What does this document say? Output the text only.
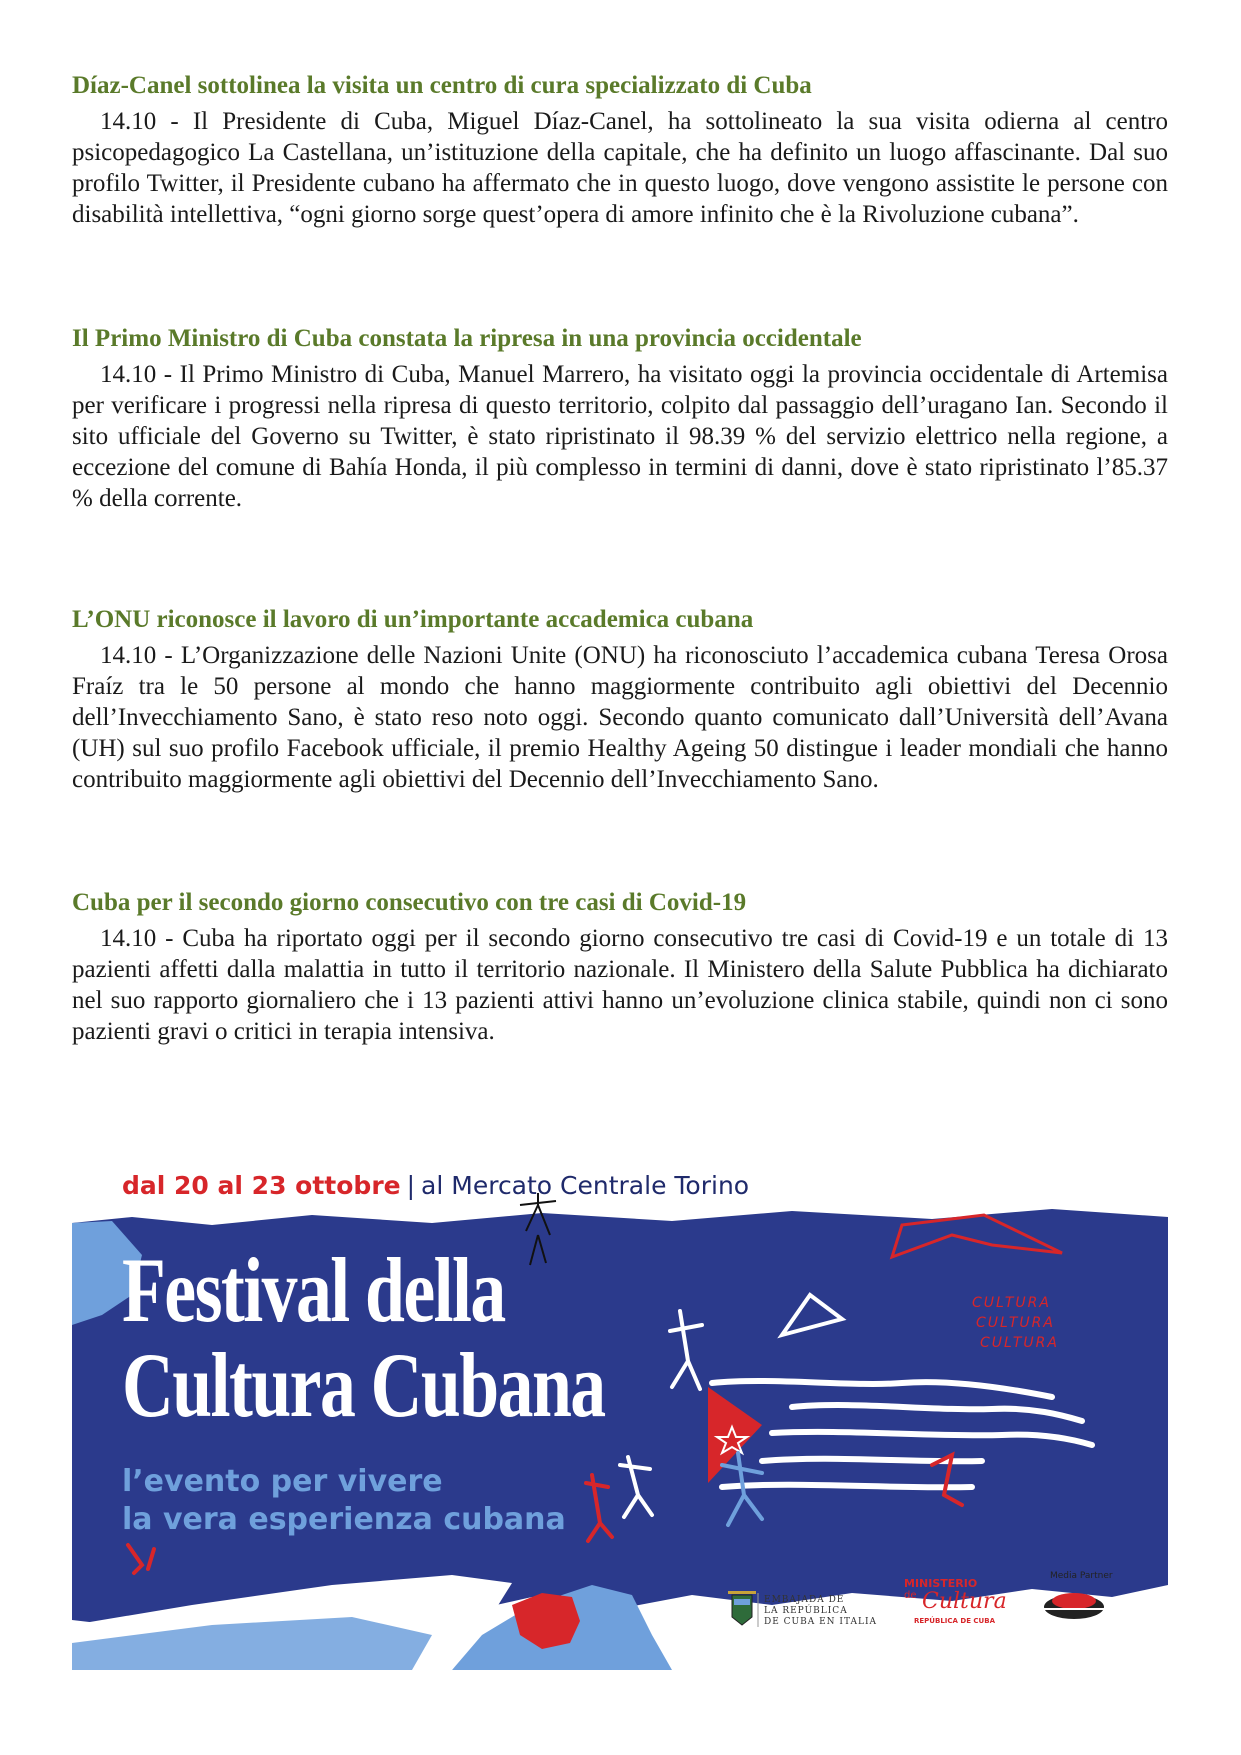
Díaz-Canel sottolinea la visita un centro di cura specializzato di Cuba

14.10 - Il Presidente di Cuba, Miguel Díaz-Canel, ha sottolineato la sua visita odierna al centro psicopedagogico La Castellana, un’istituzione della capitale, che ha definito un luogo affascinante. Dal suo profilo Twitter, il Presidente cubano ha affermato che in questo luogo, dove vengono assistite le persone con disabilità intellettiva, “ogni giorno sorge quest’opera di amore infinito che è la Rivoluzione cubana”.

Il Primo Ministro di Cuba constata la ripresa in una provincia occidentale

14.10 - Il Primo Ministro di Cuba, Manuel Marrero, ha visitato oggi la provincia occidentale di Artemisa per verificare i progressi nella ripresa di questo territorio, colpito dal passaggio dell’uragano Ian. Secondo il sito ufficiale del Governo su Twitter, è stato ripristinato il 98.39 % del servizio elettrico nella regione, a eccezione del comune di Bahía Honda, il più complesso in termini di danni, dove è stato ripristinato l’85.37 % della corrente.

L’ONU riconosce il lavoro di un’importante accademica cubana

14.10 - L’Organizzazione delle Nazioni Unite (ONU) ha riconosciuto l’accademica cubana Teresa Orosa Fraíz tra le 50 persone al mondo che hanno maggiormente contribuito agli obiettivi del Decennio dell’Invecchiamento Sano, è stato reso noto oggi. Secondo quanto comunicato dall’Università dell’Avana (UH) sul suo profilo Facebook ufficiale, il premio Healthy Ageing 50 distingue i leader mondiali che hanno contribuito maggiormente agli obiettivi del Decennio dell’Invecchiamento Sano.

Cuba per il secondo giorno consecutivo con tre casi di Covid-19

14.10 - Cuba ha riportato oggi per il secondo giorno consecutivo tre casi di Covid-19 e un totale di 13 pazienti affetti dalla malattia in tutto il territorio nazionale. Il Ministero della Salute Pubblica ha dichiarato nel suo rapporto giornaliero che i 13 pazienti attivi hanno un’evoluzione clinica stabile, quindi non ci sono pazienti gravi o critici in terapia intensiva.

dal 20 al 23 ottobre | al Mercato Centrale Torino
Festival della
Cultura Cubana
l’evento per vivere
la vera esperienza cubana
CULTURA
CULTURA
CULTURA
EMBAJADA DE
LA REPÚBLICA
DE CUBA EN ITALIA
MINISTERIO
de Cultura
REPÚBLICA DE CUBA
Media Partner
